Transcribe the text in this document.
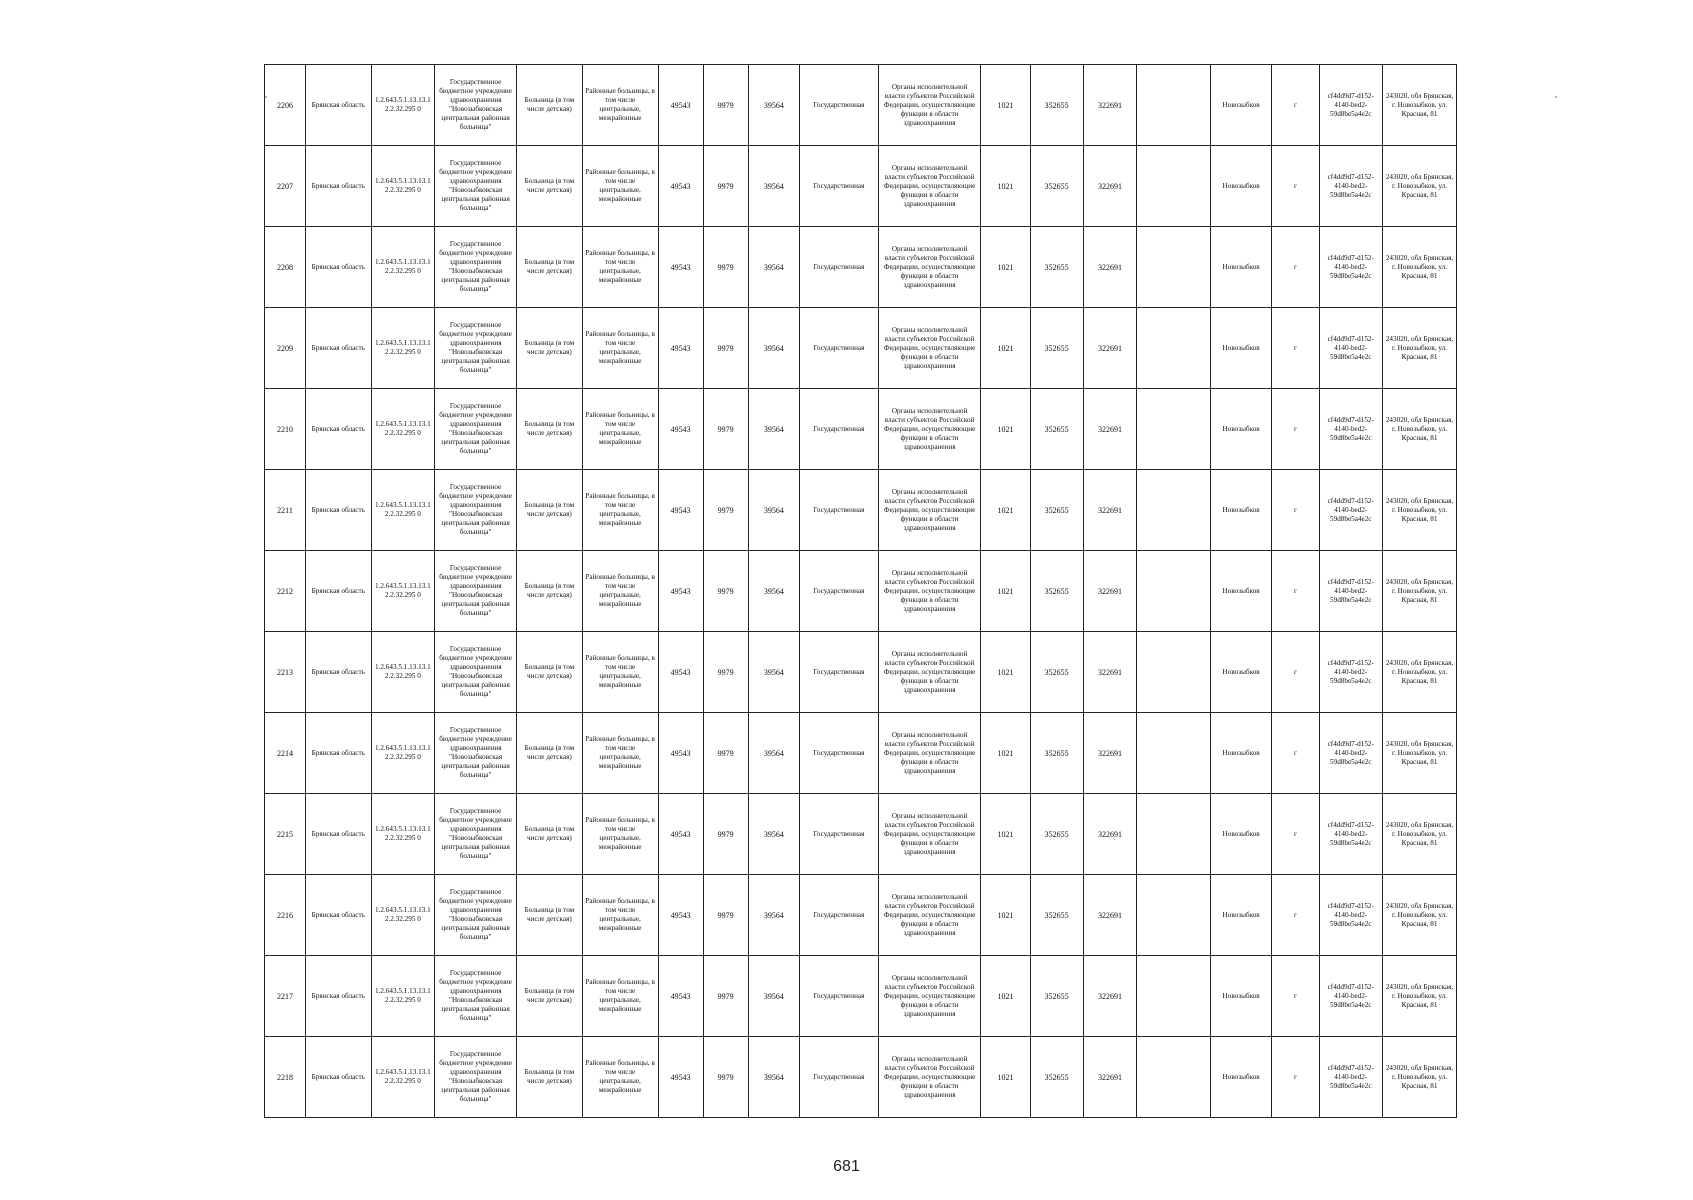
2206	Брянская область	1.2.643.5.1.13.13.12.2.32.295 0	Государственное бюджетное учреждение здравоохранения "Новозыбковская центральная районная больница"	Больница (в том числе детская)	Районные больницы, в том числе центральные, межрайонные	49543	9979	39564	Государственная	Органы исполнительной власти субъектов Российской Федерации, осуществляющие функции в области здравоохранения	1021	352655	322691		Новозыбков	г	cf4dd9d7-d152-4140-bed2-59d8be5a4e2c	243020, обл Брянская, г. Новозыбков, ул. Красная, 81
2207	Брянская область	1.2.643.5.1.13.13.12.2.32.295 0	Государственное бюджетное учреждение здравоохранения "Новозыбковская центральная районная больница"	Больница (в том числе детская)	Районные больницы, в том числе центральные, межрайонные	49543	9979	39564	Государственная	Органы исполнительной власти субъектов Российской Федерации, осуществляющие функции в области здравоохранения	1021	352655	322691		Новозыбков	г	cf4dd9d7-d152-4140-bed2-59d8be5a4e2c	243020, обл Брянская, г. Новозыбков, ул. Красная, 81
2208	Брянская область	1.2.643.5.1.13.13.12.2.32.295 0	Государственное бюджетное учреждение здравоохранения "Новозыбковская центральная районная больница"	Больница (в том числе детская)	Районные больницы, в том числе центральные, межрайонные	49543	9979	39564	Государственная	Органы исполнительной власти субъектов Российской Федерации, осуществляющие функции в области здравоохранения	1021	352655	322691		Новозыбков	г	cf4dd9d7-d152-4140-bed2-59d8be5a4e2c	243020, обл Брянская, г. Новозыбков, ул. Красная, 81
2209	Брянская область	1.2.643.5.1.13.13.12.2.32.295 0	Государственное бюджетное учреждение здравоохранения "Новозыбковская центральная районная больница"	Больница (в том числе детская)	Районные больницы, в том числе центральные, межрайонные	49543	9979	39564	Государственная	Органы исполнительной власти субъектов Российской Федерации, осуществляющие функции в области здравоохранения	1021	352655	322691		Новозыбков	г	cf4dd9d7-d152-4140-bed2-59d8be5a4e2c	243020, обл Брянская, г. Новозыбков, ул. Красная, 81
2210	Брянская область	1.2.643.5.1.13.13.12.2.32.295 0	Государственное бюджетное учреждение здравоохранения "Новозыбковская центральная районная больница"	Больница (в том числе детская)	Районные больницы, в том числе центральные, межрайонные	49543	9979	39564	Государственная	Органы исполнительной власти субъектов Российской Федерации, осуществляющие функции в области здравоохранения	1021	352655	322691		Новозыбков	г	cf4dd9d7-d152-4140-bed2-59d8be5a4e2c	243020, обл Брянская, г. Новозыбков, ул. Красная, 81
2211	Брянская область	1.2.643.5.1.13.13.12.2.32.295 0	Государственное бюджетное учреждение здравоохранения "Новозыбковская центральная районная больница"	Больница (в том числе детская)	Районные больницы, в том числе центральные, межрайонные	49543	9979	39564	Государственная	Органы исполнительной власти субъектов Российской Федерации, осуществляющие функции в области здравоохранения	1021	352655	322691		Новозыбков	г	cf4dd9d7-d152-4140-bed2-59d8be5a4e2c	243020, обл Брянская, г. Новозыбков, ул. Красная, 81
2212	Брянская область	1.2.643.5.1.13.13.12.2.32.295 0	Государственное бюджетное учреждение здравоохранения "Новозыбковская центральная районная больница"	Больница (в том числе детская)	Районные больницы, в том числе центральные, межрайонные	49543	9979	39564	Государственная	Органы исполнительной власти субъектов Российской Федерации, осуществляющие функции в области здравоохранения	1021	352655	322691		Новозыбков	г	cf4dd9d7-d152-4140-bed2-59d8be5a4e2c	243020, обл Брянская, г. Новозыбков, ул. Красная, 81
2213	Брянская область	1.2.643.5.1.13.13.12.2.32.295 0	Государственное бюджетное учреждение здравоохранения "Новозыбковская центральная районная больница"	Больница (в том числе детская)	Районные больницы, в том числе центральные, межрайонные	49543	9979	39564	Государственная	Органы исполнительной власти субъектов Российской Федерации, осуществляющие функции в области здравоохранения	1021	352655	322691		Новозыбков	г	cf4dd9d7-d152-4140-bed2-59d8be5a4e2c	243020, обл Брянская, г. Новозыбков, ул. Красная, 81
2214	Брянская область	1.2.643.5.1.13.13.12.2.32.295 0	Государственное бюджетное учреждение здравоохранения "Новозыбковская центральная районная больница"	Больница (в том числе детская)	Районные больницы, в том числе центральные, межрайонные	49543	9979	39564	Государственная	Органы исполнительной власти субъектов Российской Федерации, осуществляющие функции в области здравоохранения	1021	352655	322691		Новозыбков	г	cf4dd9d7-d152-4140-bed2-59d8be5a4e2c	243020, обл Брянская, г. Новозыбков, ул. Красная, 81
2215	Брянская область	1.2.643.5.1.13.13.12.2.32.295 0	Государственное бюджетное учреждение здравоохранения "Новозыбковская центральная районная больница"	Больница (в том числе детская)	Районные больницы, в том числе центральные, межрайонные	49543	9979	39564	Государственная	Органы исполнительной власти субъектов Российской Федерации, осуществляющие функции в области здравоохранения	1021	352655	322691		Новозыбков	г	cf4dd9d7-d152-4140-bed2-59d8be5a4e2c	243020, обл Брянская, г. Новозыбков, ул. Красная, 81
2216	Брянская область	1.2.643.5.1.13.13.12.2.32.295 0	Государственное бюджетное учреждение здравоохранения "Новозыбковская центральная районная больница"	Больница (в том числе детская)	Районные больницы, в том числе центральные, межрайонные	49543	9979	39564	Государственная	Органы исполнительной власти субъектов Российской Федерации, осуществляющие функции в области здравоохранения	1021	352655	322691		Новозыбков	г	cf4dd9d7-d152-4140-bed2-59d8be5a4e2c	243020, обл Брянская, г. Новозыбков, ул. Красная, 81
2217	Брянская область	1.2.643.5.1.13.13.12.2.32.295 0	Государственное бюджетное учреждение здравоохранения "Новозыбковская центральная районная больница"	Больница (в том числе детская)	Районные больницы, в том числе центральные, межрайонные	49543	9979	39564	Государственная	Органы исполнительной власти субъектов Российской Федерации, осуществляющие функции в области здравоохранения	1021	352655	322691		Новозыбков	г	cf4dd9d7-d152-4140-bed2-59d8be5a4e2c	243020, обл Брянская, г. Новозыбков, ул. Красная, 81
2218	Брянская область	1.2.643.5.1.13.13.12.2.32.295 0	Государственное бюджетное учреждение здравоохранения "Новозыбковская центральная районная больница"	Больница (в том числе детская)	Районные больницы, в том числе центральные, межрайонные	49543	9979	39564	Государственная	Органы исполнительной власти субъектов Российской Федерации, осуществляющие функции в области здравоохранения	1021	352655	322691		Новозыбков	г	cf4dd9d7-d152-4140-bed2-59d8be5a4e2c	243020, обл Брянская, г. Новозыбков, ул. Красная, 81
681
`	`
